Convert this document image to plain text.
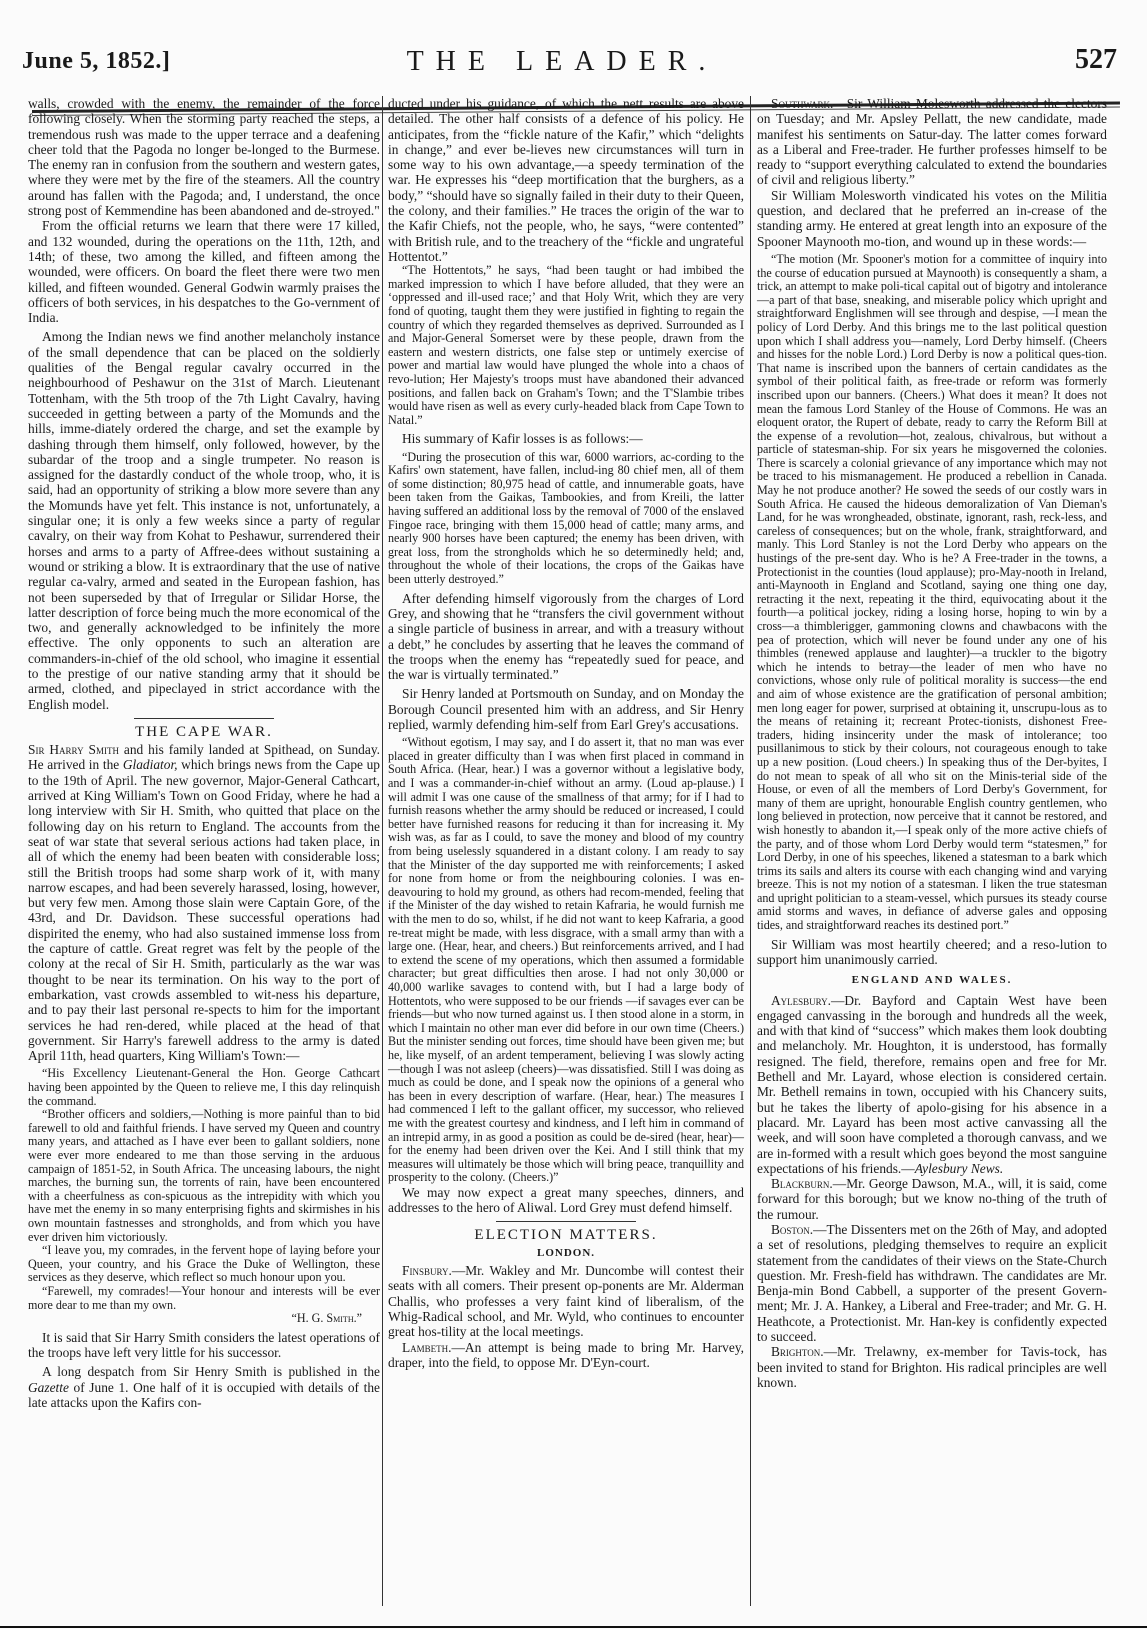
June 5, 1852.]	THE LEADER.	527

walls, crowded with the enemy, the remainder of the force following closely. When the storming party reached the steps, a tremendous rush was made to the upper terrace and a deafening cheer told that the Pagoda no longer be-longed to the Burmese. The enemy ran in confusion from the southern and western gates, where they were met by the fire of the steamers. All the country around has fallen with the Pagoda; and, I understand, the once strong post of Kemmendine has been abandoned and de-stroyed."

From the official returns we learn that there were 17 killed, and 132 wounded, during the operations on the 11th, 12th, and 14th; of these, two among the killed, and fifteen among the wounded, were officers. On board the fleet there were two men killed, and fifteen wounded. General Godwin warmly praises the officers of both services, in his despatches to the Go-vernment of India.

Among the Indian news we find another melancholy instance of the small dependence that can be placed on the soldierly qualities of the Bengal regular cavalry occurred in the neighbourhood of Peshawur on the 31st of March. Lieutenant Tottenham, with the 5th troop of the 7th Light Cavalry, having succeeded in getting between a party of the Momunds and the hills, imme-diately ordered the charge, and set the example by dashing through them himself, only followed, however, by the subardar of the troop and a single trumpeter. No reason is assigned for the dastardly conduct of the whole troop, who, it is said, had an opportunity of striking a blow more severe than any the Momunds have yet felt. This instance is not, unfortunately, a singular one; it is only a few weeks since a party of regular cavalry, on their way from Kohat to Peshawur, surrendered their horses and arms to a party of Affree-dees without sustaining a wound or striking a blow. It is extraordinary that the use of native regular ca-valry, armed and seated in the European fashion, has not been superseded by that of Irregular or Silidar Horse, the latter description of force being much the more economical of the two, and generally acknowledged to be infinitely the more effective. The only opponents to such an alteration are commanders-in-chief of the old school, who imagine it essential to the prestige of our native standing army that it should be armed, clothed, and pipeclayed in strict accordance with the English model.

THE CAPE WAR.

Sir Harry Smith and his family landed at Spithead, on Sunday. He arrived in the Gladiator, which brings news from the Cape up to the 19th of April. The new governor, Major-General Cathcart, arrived at King William's Town on Good Friday, where he had a long interview with Sir H. Smith, who quitted that place on the following day on his return to England. The accounts from the seat of war state that several serious actions had taken place, in all of which the enemy had been beaten with considerable loss; still the British troops had some sharp work of it, with many narrow escapes, and had been severely harassed, losing, however, but very few men. Among those slain were Captain Gore, of the 43rd, and Dr. Davidson. These successful operations had dispirited the enemy, who had also sustained immense loss from the capture of cattle. Great regret was felt by the people of the colony at the recal of Sir H. Smith, particularly as the war was thought to be near its termination. On his way to the port of embarkation, vast crowds assembled to wit-ness his departure, and to pay their last personal re-spects to him for the important services he had ren-dered, while placed at the head of that government. Sir Harry's farewell address to the army is dated April 11th, head quarters, King William's Town:—

“His Excellency Lieutenant-General the Hon. George Cathcart having been appointed by the Queen to relieve me, I this day relinquish the command.

“Brother officers and soldiers,—Nothing is more painful than to bid farewell to old and faithful friends. I have served my Queen and country many years, and attached as I have ever been to gallant soldiers, none were ever more endeared to me than those serving in the arduous campaign of 1851-52, in South Africa. The unceasing labours, the night marches, the burning sun, the torrents of rain, have been encountered with a cheerfulness as con-spicuous as the intrepidity with which you have met the enemy in so many enterprising fights and skirmishes in his own mountain fastnesses and strongholds, and from which you have ever driven him victoriously.

“I leave you, my comrades, in the fervent hope of laying before your Queen, your country, and his Grace the Duke of Wellington, these services as they deserve, which reflect so much honour upon you.

“Farewell, my comrades!—Your honour and interests will be ever more dear to me than my own.

“H. G. Smith.”

It is said that Sir Harry Smith considers the latest operations of the troops have left very little for his successor.

A long despatch from Sir Henry Smith is published in the Gazette of June 1. One half of it is occupied with details of the late attacks upon the Kafirs con-

ducted under his guidance, of which the nett results are above detailed. The other half consists of a defence of his policy. He anticipates, from the “fickle nature of the Kafir,” which “delights in change,” and ever be-lieves new circumstances will turn in some way to his own advantage,—a speedy termination of the war. He expresses his “deep mortification that the burghers, as a body,” “should have so signally failed in their duty to their Queen, the colony, and their families.” He traces the origin of the war to the Kafir Chiefs, not the people, who, he says, “were contented” with British rule, and to the treachery of the “fickle and ungrateful Hottentot.”

“The Hottentots,” he says, “had been taught or had imbibed the marked impression to which I have before alluded, that they were an ‘oppressed and ill-used race;’ and that Holy Writ, which they are very fond of quoting, taught them they were justified in fighting to regain the country of which they regarded themselves as deprived. Surrounded as I and Major-General Somerset were by these people, drawn from the eastern and western districts, one false step or untimely exercise of power and martial law would have plunged the whole into a chaos of revo-lution; Her Majesty's troops must have abandoned their advanced positions, and fallen back on Graham's Town; and the T'Slambie tribes would have risen as well as every curly-headed black from Cape Town to Natal.”

His summary of Kafir losses is as follows:—

“During the prosecution of this war, 6000 warriors, ac-cording to the Kafirs' own statement, have fallen, includ-ing 80 chief men, all of them of some distinction; 80,975 head of cattle, and innumerable goats, have been taken from the Gaikas, Tambookies, and from Kreili, the latter having suffered an additional loss by the removal of 7000 of the enslaved Fingoe race, bringing with them 15,000 head of cattle; many arms, and nearly 900 horses have been captured; the enemy has been driven, with great loss, from the strongholds which he so determinedly held; and, throughout the whole of their locations, the crops of the Gaikas have been utterly destroyed.”

After defending himself vigorously from the charges of Lord Grey, and showing that he “transfers the civil government without a single particle of business in arrear, and with a treasury without a debt,” he concludes by asserting that he leaves the command of the troops when the enemy has “repeatedly sued for peace, and the war is virtually terminated.”

Sir Henry landed at Portsmouth on Sunday, and on Monday the Borough Council presented him with an address, and Sir Henry replied, warmly defending him-self from Earl Grey's accusations.

“Without egotism, I may say, and I do assert it, that no man was ever placed in greater difficulty than I was when first placed in command in South Africa. (Hear, hear.) I was a governor without a legislative body, and I was a commander-in-chief without an army. (Loud ap-plause.) I will admit I was one cause of the smallness of that army; for if I had to furnish reasons whether the army should be reduced or increased, I could better have furnished reasons for reducing it than for increasing it. My wish was, as far as I could, to save the money and blood of my country from being uselessly squandered in a distant colony. I am ready to say that the Minister of the day supported me with reinforcements; I asked for none from home or from the neighbouring colonies. I was en-deavouring to hold my ground, as others had recom-mended, feeling that if the Minister of the day wished to retain Kafraria, he would furnish me with the men to do so, whilst, if he did not want to keep Kafraria, a good re-treat might be made, with less disgrace, with a small army than with a large one. (Hear, hear, and cheers.) But reinforcements arrived, and I had to extend the scene of my operations, which then assumed a formidable character; but great difficulties then arose. I had not only 30,000 or 40,000 warlike savages to contend with, but I had a large body of Hottentots, who were supposed to be our friends —if savages ever can be friends—but who now turned against us. I then stood alone in a storm, in which I maintain no other man ever did before in our own time (Cheers.) But the minister sending out forces, time should have been given me; but he, like myself, of an ardent temperament, believing I was slowly acting—though I was not asleep (cheers)—was dissatisfied. Still I was doing as much as could be done, and I speak now the opinions of a general who has been in every description of warfare. (Hear, hear.) The measures I had commenced I left to the gallant officer, my successor, who relieved me with the greatest courtesy and kindness, and I left him in command of an intrepid army, in as good a position as could be de-sired (hear, hear)—for the enemy had been driven over the Kei. And I still think that my measures will ultimately be those which will bring peace, tranquillity and prosperity to the colony. (Cheers.)”

We may now expect a great many speeches, dinners, and addresses to the hero of Aliwal. Lord Grey must defend himself.

ELECTION MATTERS.
LONDON.

Finsbury.—Mr. Wakley and Mr. Duncombe will contest their seats with all comers. Their present op-ponents are Mr. Alderman Challis, who professes a very faint kind of liberalism, of the Whig-Radical school, and Mr. Wyld, who continues to encounter great hos-tility at the local meetings.

Lambeth.—An attempt is being made to bring Mr. Harvey, draper, into the field, to oppose Mr. D'Eyn-court.

Southwark.—Sir William Molesworth addressed the electors on Tuesday; and Mr. Apsley Pellatt, the new candidate, made manifest his sentiments on Satur-day. The latter comes forward as a Liberal and Free-trader. He further professes himself to be ready to “support everything calculated to extend the boundaries of civil and religious liberty.”

Sir William Molesworth vindicated his votes on the Militia question, and declared that he preferred an in-crease of the standing army. He entered at great length into an exposure of the Spooner Maynooth mo-tion, and wound up in these words:—

“The motion (Mr. Spooner's motion for a committee of inquiry into the course of education pursued at Maynooth) is consequently a sham, a trick, an attempt to make poli-tical capital out of bigotry and intolerance—a part of that base, sneaking, and miserable policy which upright and straightforward Englishmen will see through and despise, —I mean the policy of Lord Derby. And this brings me to the last political question upon which I shall address you—namely, Lord Derby himself. (Cheers and hisses for the noble Lord.) Lord Derby is now a political ques-tion. That name is inscribed upon the banners of certain candidates as the symbol of their political faith, as free-trade or reform was formerly inscribed upon our banners. (Cheers.) What does it mean? It does not mean the famous Lord Stanley of the House of Commons. He was an eloquent orator, the Rupert of debate, ready to carry the Reform Bill at the expense of a revolution—hot, zealous, chivalrous, but without a particle of statesman-ship. For six years he misgoverned the colonies. There is scarcely a colonial grievance of any importance which may not be traced to his mismanagement. He produced a rebellion in Canada. May he not produce another? He sowed the seeds of our costly wars in South Africa. He caused the hideous demoralization of Van Dieman's Land, for he was wrongheaded, obstinate, ignorant, rash, reck-less, and careless of consequences; but on the whole, frank, straightforward, and manly. This Lord Stanley is not the Lord Derby who appears on the hustings of the pre-sent day. Who is he? A Free-trader in the towns, a Protectionist in the counties (loud applause); pro-May-nooth in Ireland, anti-Maynooth in England and Scotland, saying one thing one day, retracting it the next, repeating it the third, equivocating about it the fourth—a political jockey, riding a losing horse, hoping to win by a cross—a thimblerigger, gammoning clowns and chawbacons with the pea of protection, which will never be found under any one of his thimbles (renewed applause and laughter)—a truckler to the bigotry which he intends to betray—the leader of men who have no convictions, whose only rule of political morality is success—the end and aim of whose existence are the gratification of personal ambition; men long eager for power, surprised at obtaining it, unscrupu-lous as to the means of retaining it; recreant Protec-tionists, dishonest Free-traders, hiding insincerity under the mask of intolerance; too pusillanimous to stick by their colours, not courageous enough to take up a new position. (Loud cheers.) In speaking thus of the Der-byites, I do not mean to speak of all who sit on the Minis-terial side of the House, or even of all the members of Lord Derby's Government, for many of them are upright, honourable English country gentlemen, who long believed in protection, now perceive that it cannot be restored, and wish honestly to abandon it,—I speak only of the more active chiefs of the party, and of those whom Lord Derby would term “statesmen,” for Lord Derby, in one of his speeches, likened a statesman to a bark which trims its sails and alters its course with each changing wind and varying breeze. This is not my notion of a statesman. I liken the true statesman and upright politician to a steam-vessel, which pursues its steady course amid storms and waves, in defiance of adverse gales and opposing tides, and straightforward reaches its destined port.”

Sir William was most heartily cheered; and a reso-lution to support him unanimously carried.

ENGLAND AND WALES.

Aylesbury.—Dr. Bayford and Captain West have been engaged canvassing in the borough and hundreds all the week, and with that kind of “success” which makes them look doubting and melancholy. Mr. Houghton, it is understood, has formally resigned. The field, therefore, remains open and free for Mr. Bethell and Mr. Layard, whose election is considered certain. Mr. Bethell remains in town, occupied with his Chancery suits, but he takes the liberty of apolo-gising for his absence in a placard. Mr. Layard has been most active canvassing all the week, and will soon have completed a thorough canvass, and we are in-formed with a result which goes beyond the most sanguine expectations of his friends.—Aylesbury News.

Blackburn.—Mr. George Dawson, M.A., will, it is said, come forward for this borough; but we know no-thing of the truth of the rumour.

Boston.—The Dissenters met on the 26th of May, and adopted a set of resolutions, pledging themselves to require an explicit statement from the candidates of their views on the State-Church question. Mr. Fresh-field has withdrawn. The candidates are Mr. Benja-min Bond Cabbell, a supporter of the present Govern-ment; Mr. J. A. Hankey, a Liberal and Free-trader; and Mr. G. H. Heathcote, a Protectionist. Mr. Han-key is confidently expected to succeed.

Brighton.—Mr. Trelawny, ex-member for Tavis-tock, has been invited to stand for Brighton. His radical principles are well known.
